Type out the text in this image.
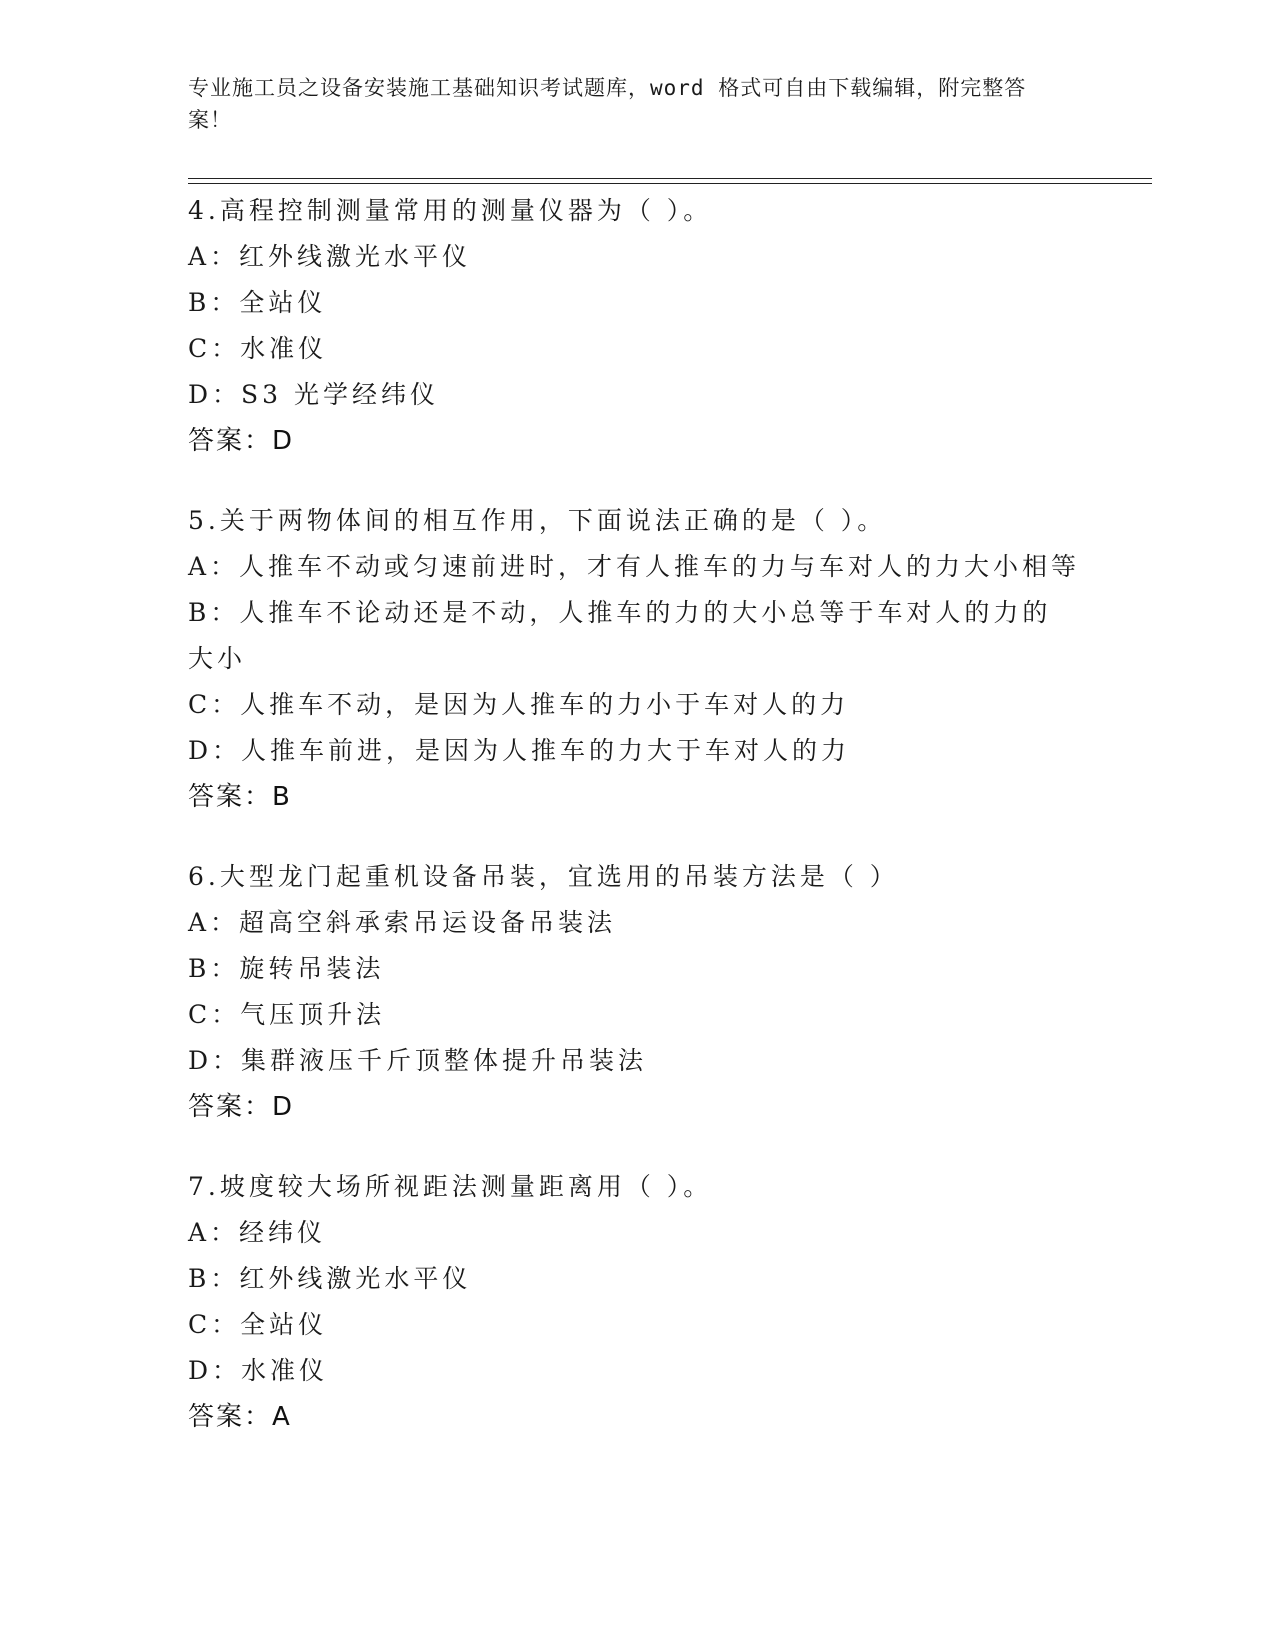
专业施工员之设备安装施工基础知识考试题库，word 格式可自由下载编辑，附完整答案！
4.高程控制测量常用的测量仪器为（ ）。
A：红外线激光水平仪
B：全站仪
C：水准仪
D：S3 光学经纬仪
答案：D
5.关于两物体间的相互作用，下面说法正确的是（ ）。
A：人推车不动或匀速前进时，才有人推车的力与车对人的力大小相等
B：人推车不论动还是不动，人推车的力的大小总等于车对人的力的大小
C：人推车不动，是因为人推车的力小于车对人的力
D：人推车前进，是因为人推车的力大于车对人的力
答案：B
6.大型龙门起重机设备吊装，宜选用的吊装方法是（ ）
A：超高空斜承索吊运设备吊装法
B：旋转吊装法
C：气压顶升法
D：集群液压千斤顶整体提升吊装法
答案：D
7.坡度较大场所视距法测量距离用（ ）。
A：经纬仪
B：红外线激光水平仪
C：全站仪
D：水准仪
答案：A
